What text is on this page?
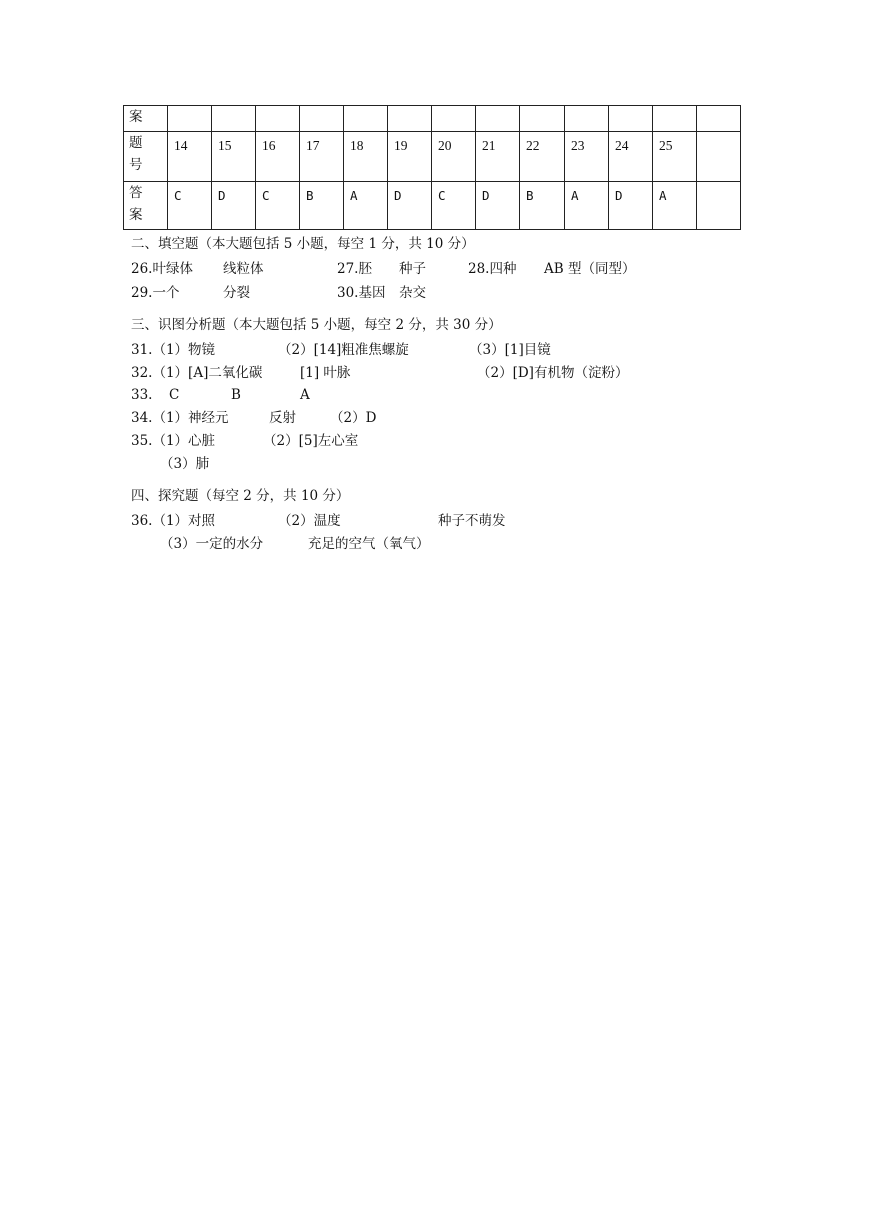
案													

题
号	14	15	16	17	18	19	20	21	22	23	24	25	

答
案	C	D	C	B	A	D	C	D	B	A	D	A	
二、填空题（本大题包括 5 小题，每空 1 分，共 10 分）
26.叶绿体 线粒体	27.胚 种子	28.四种 AB 型（同型）
29.一个	分裂	30.基因 杂交
三、识图分析题（本大题包括 5 小题，每空 2 分，共 30 分）
31.（1）物镜	（2）[14]粗准焦螺旋	（3）[1]目镜
32.（1）[A]二氧化碳	[1] 叶脉	（2）[D]有机物（淀粉）
33. C	B	A
34.（1）神经元	反射	（2）D
35.（1）心脏	（2）[5]左心室
（3）肺
四、探究题（每空 2 分，共 10 分）
36.（1）对照	（2）温度	种子不萌发
（3）一定的水分	充足的空气（氧气）
